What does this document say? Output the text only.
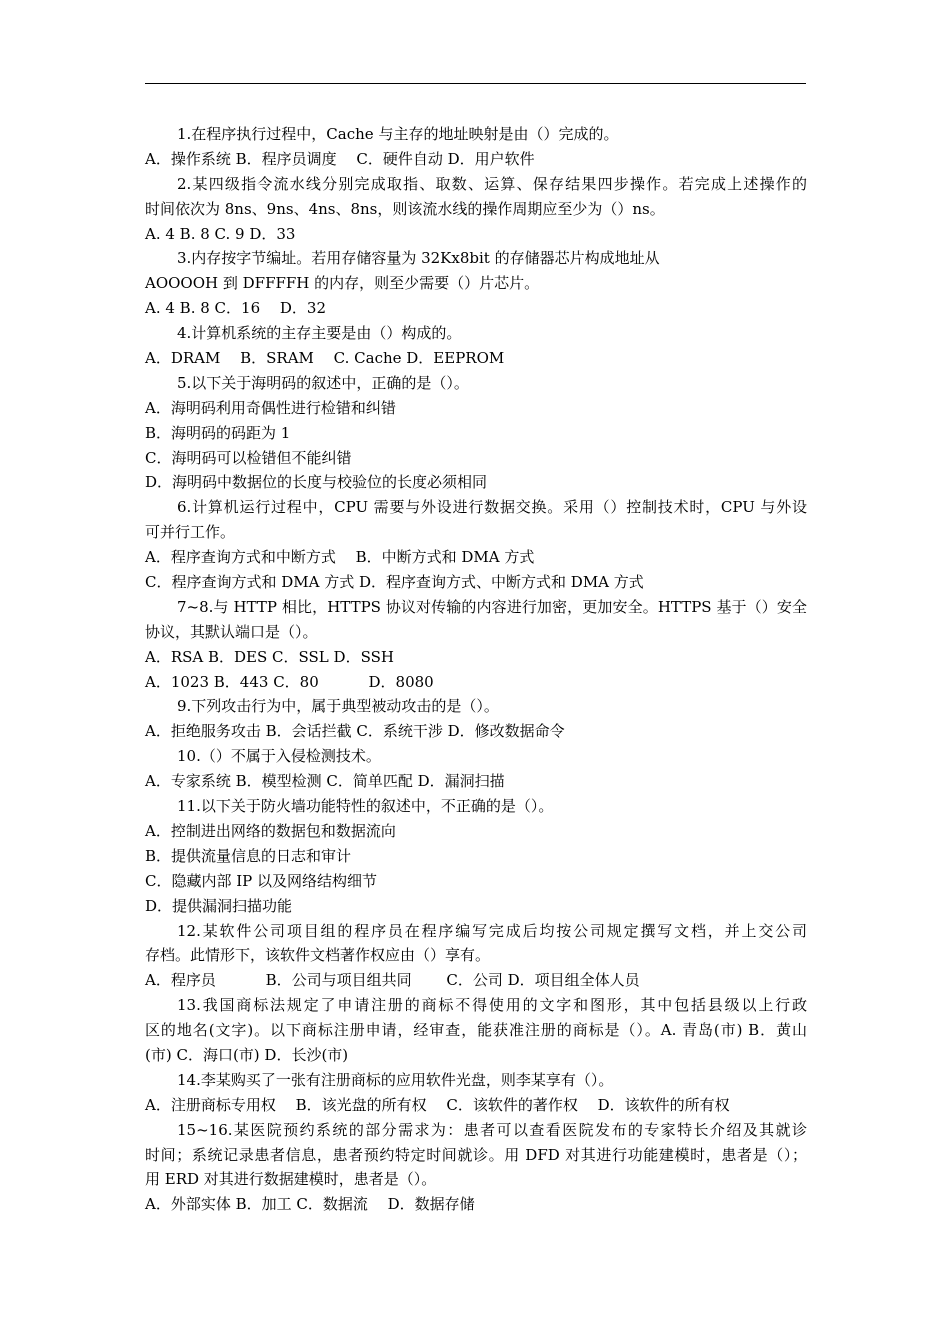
1.在程序执行过程中，Cache 与主存的地址映射是由（）完成的。
A．操作系统 B．程序员调度　 C．硬件自动 D．用户软件
2.某四级指令流水线分别完成取指、取数、运算、保存结果四步操作。若完成上述操作的
时间依次为 8ns、9ns、4ns、8ns，则该流水线的操作周期应至少为（）ns。
A. 4 B. 8 C. 9 D．33
3.内存按字节编址。若用存储容量为 32Kx8bit 的存储器芯片构成地址从
AOOOOH 到 DFFFFH 的内存，则至少需要（）片芯片。
A. 4 B. 8 C．16　 D．32
4.计算机系统的主存主要是由（）构成的。
A．DRAM　 B．SRAM　 C. Cache D．EEPROM
5.以下关于海明码的叙述中，正确的是（）。
A．海明码利用奇偶性进行检错和纠错
B．海明码的码距为 1
C．海明码可以检错但不能纠错
D．海明码中数据位的长度与校验位的长度必须相同
6.计算机运行过程中，CPU 需要与外设进行数据交换。采用（）控制技术时，CPU 与外设
可并行工作。
A．程序查询方式和中断方式　 B．中断方式和 DMA 方式
C．程序查询方式和 DMA 方式 D．程序查询方式、中断方式和 DMA 方式
7~8.与 HTTP 相比，HTTPS 协议对传输的内容进行加密，更加安全。HTTPS 基于（）安全
协议，其默认端口是（）。
A．RSA B．DES C．SSL D．SSH
A．1023 B．443 C．80　　　 D．8080
9.下列攻击行为中，属于典型被动攻击的是（）。
A．拒绝服务攻击 B．会话拦截 C．系统干涉 D．修改数据命令
10.（）不属于入侵检测技术。
A．专家系统 B．模型检测 C．简单匹配 D．漏洞扫描
11.以下关于防火墙功能特性的叙述中，不正确的是（）。
A．控制进出网络的数据包和数据流向
B．提供流量信息的日志和审计
C．隐藏内部 IP 以及网络结构细节
D．提供漏洞扫描功能
12.某软件公司项目组的程序员在程序编写完成后均按公司规定撰写文档，并上交公司
存档。此情形下，该软件文档著作权应由（）享有。
A．程序员　　　 B．公司与项目组共同　　 C．公司 D．项目组全体人员
13.我国商标法规定了申请注册的商标不得使用的文字和图形，其中包括县级以上行政
区的地名(文字)。以下商标注册申请，经审查，能获准注册的商标是（）。A. 青岛(市) B．黄山
(市) C．海口(市) D．长沙(市)
14.李某购买了一张有注册商标的应用软件光盘，则李某享有（）。
A．注册商标专用权　 B．该光盘的所有权　 C．该软件的著作权　 D．该软件的所有权
15~16.某医院预约系统的部分需求为：患者可以查看医院发布的专家特长介绍及其就诊
时间；系统记录患者信息，患者预约特定时间就诊。用 DFD 对其进行功能建模时，患者是（）；
用 ERD 对其进行数据建模时，患者是（）。
A．外部实体 B．加工 C．数据流　 D．数据存储
